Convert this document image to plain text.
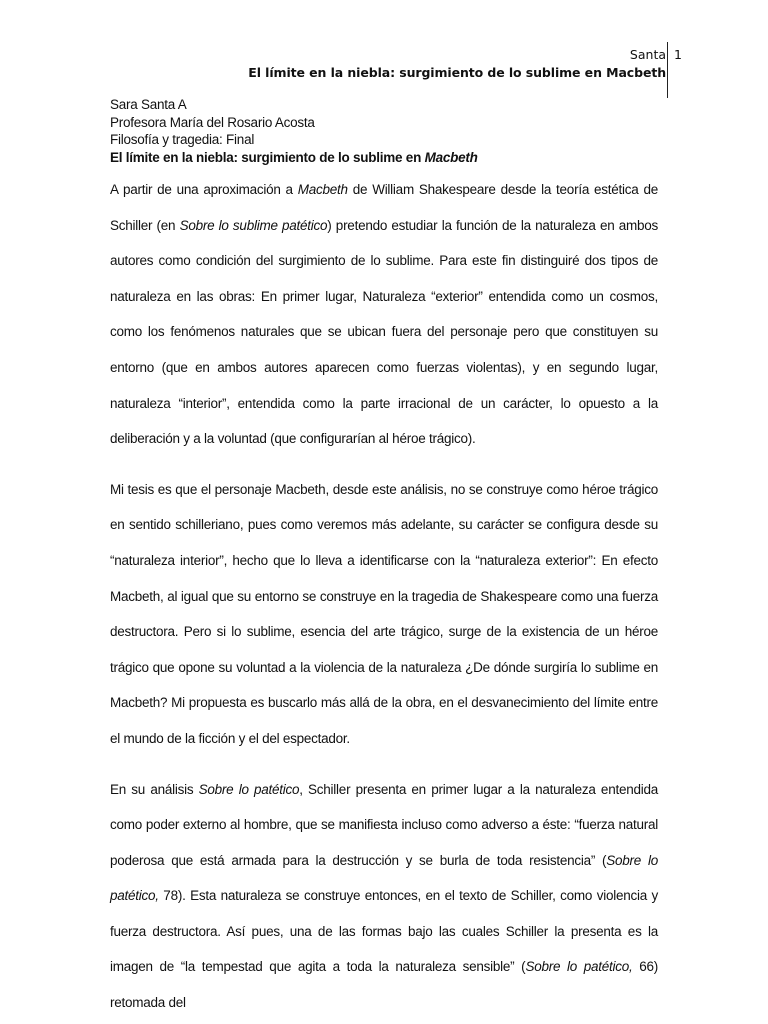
Santa
El límite en la niebla: surgimiento de lo sublime en Macbeth
1
Sara Santa A
Profesora María del Rosario Acosta
Filosofía y tragedia: Final
El límite en la niebla: surgimiento de lo sublime en Macbeth

A partir de una aproximación a Macbeth de William Shakespeare desde la teoría estética de Schiller (en Sobre lo sublime patético) pretendo estudiar la función de la naturaleza en ambos autores como condición del surgimiento de lo sublime. Para este fin distinguiré dos tipos de naturaleza en las obras: En primer lugar, Naturaleza “exterior” entendida como un cosmos, como los fenómenos naturales que se ubican fuera del personaje pero que constituyen su entorno (que en ambos autores aparecen como fuerzas violentas), y en segundo lugar, naturaleza “interior”, entendida como la parte irracional de un carácter, lo opuesto a la deliberación y a la voluntad (que configurarían al héroe trágico).

Mi tesis es que el personaje Macbeth, desde este análisis, no se construye como héroe trágico en sentido schilleriano, pues como veremos más adelante, su carácter se configura desde su “naturaleza interior”, hecho que lo lleva a identificarse con la “naturaleza exterior”: En efecto Macbeth, al igual que su entorno se construye en la tragedia de Shakespeare como una fuerza destructora. Pero si lo sublime, esencia del arte trágico, surge de la existencia de un héroe trágico que opone su voluntad a la violencia de la naturaleza ¿De dónde surgiría lo sublime en Macbeth? Mi propuesta es buscarlo más allá de la obra, en el desvanecimiento del límite entre el mundo de la ficción y el del espectador.

En su análisis Sobre lo patético, Schiller presenta en primer lugar a la naturaleza entendida como poder externo al hombre, que se manifiesta incluso como adverso a éste: “fuerza natural poderosa que está armada para la destrucción y se burla de toda resistencia” (Sobre lo patético, 78). Esta naturaleza se construye entonces, en el texto de Schiller, como violencia y fuerza destructora. Así pues, una de las formas bajo las cuales Schiller la presenta es la imagen de “la tempestad que agita a toda la naturaleza sensible” (Sobre lo patético, 66) retomada del
